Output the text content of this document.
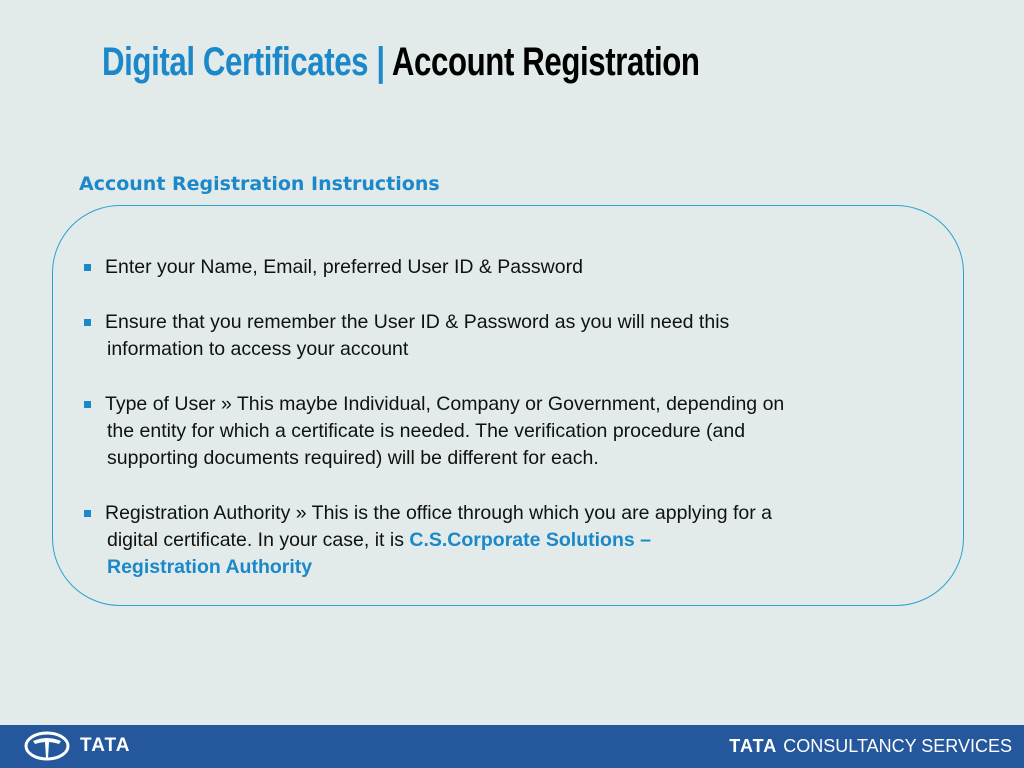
Digital Certificates | Account Registration
Account Registration Instructions
Enter your Name, Email, preferred User ID & Password
Ensure that you remember the User ID & Password as you will need this
information to access your account
Type of User » This maybe Individual, Company or Government, depending on
the entity for which a certificate is needed. The verification procedure (and
supporting documents required) will be different for each.
Registration Authority » This is the office through which you are applying for a
digital certificate. In your case, it is C.S.Corporate Solutions –
Registration Authority
TATA	TATA CONSULTANCY SERVICES
